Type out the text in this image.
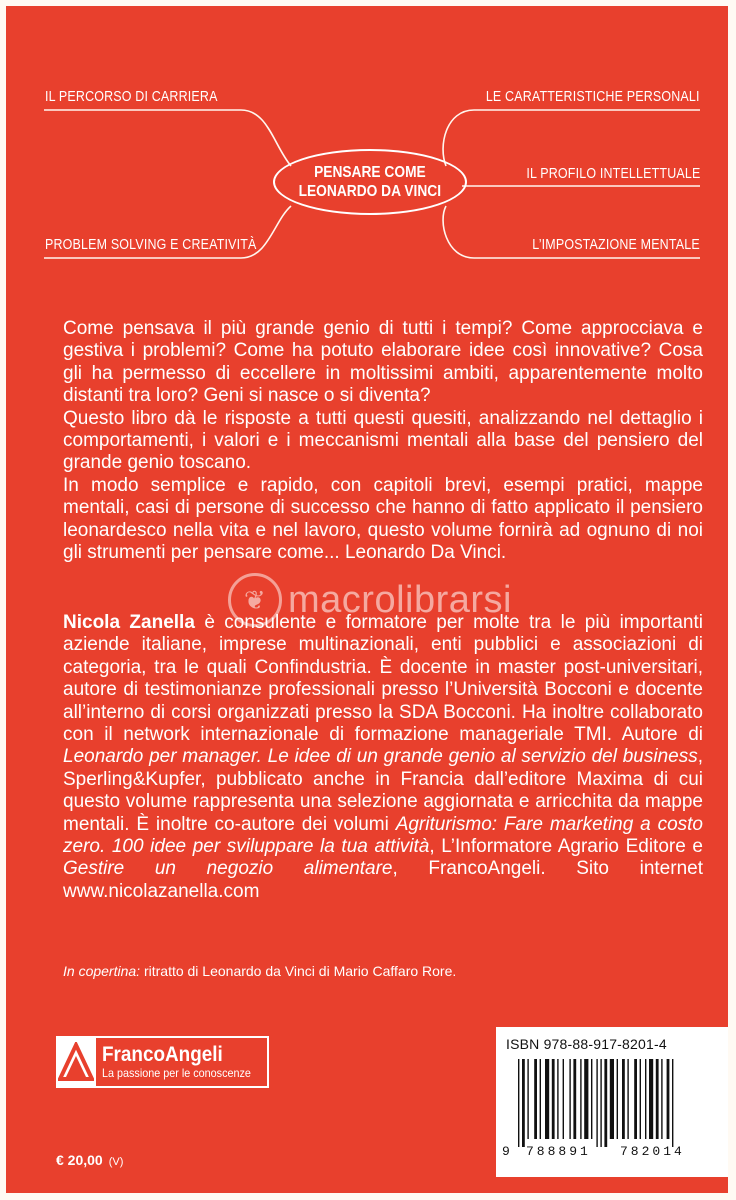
IL PERCORSO DI CARRIERA
PROBLEM SOLVING E CREATIVITÀ
LE CARATTERISTICHE PERSONALI
IL PROFILO INTELLETTUALE
L’IMPOSTAZIONE MENTALE
PENSARE COME
LEONARDO DA VINCI

Come pensava il più grande genio di tutti i tempi? Come approcciava e gestiva i problemi? Come ha potuto elaborare idee così innovative? Cosa gli ha permesso di eccellere in moltissimi ambiti, apparentemente molto distanti tra loro? Geni si nasce o si diventa?

Questo libro dà le risposte a tutti questi quesiti, analizzando nel dettaglio i comportamenti, i valori e i meccanismi mentali alla base del pensiero del grande genio toscano.

In modo semplice e rapido, con capitoli brevi, esempi pratici, mappe mentali, casi di persone di successo che hanno di fatto applicato il pensiero leonardesco nella vita e nel lavoro, questo volume fornirà ad ognuno di noi gli strumenti per pensare come... Leonardo Da Vinci.

❦ macrolibrarsi

Nicola Zanella è consulente e formatore per molte tra le più importanti aziende italiane, imprese multinazionali, enti pubblici e associazioni di categoria, tra le quali Confindustria. È docente in master post-universitari, autore di testimonianze professionali presso l’Università Bocconi e docente all’interno di corsi organizzati presso la SDA Bocconi. Ha inoltre collaborato con il network internazionale di formazione manageriale TMI. Autore di Leonardo per manager. Le idee di un grande genio al servizio del business, Sperling&Kupfer, pubblicato anche in Francia dall’editore Maxima di cui questo volume rappresenta una selezione aggiornata e arricchita da mappe mentali. È inoltre co-autore dei volumi Agriturismo: Fare marketing a costo zero. 100 idee per sviluppare la tua attività, L’Informatore Agrario Editore e Gestire un negozio alimentare, FrancoAngeli. Sito internet www.nicolazanella.com

In copertina: ritratto di Leonardo da Vinci di Mario Caffaro Rore.
FrancoAngeli
La passione per le conoscenze
€ 20,00 (V)
ISBN 978-88-917-8201-4
9 788891 782014
